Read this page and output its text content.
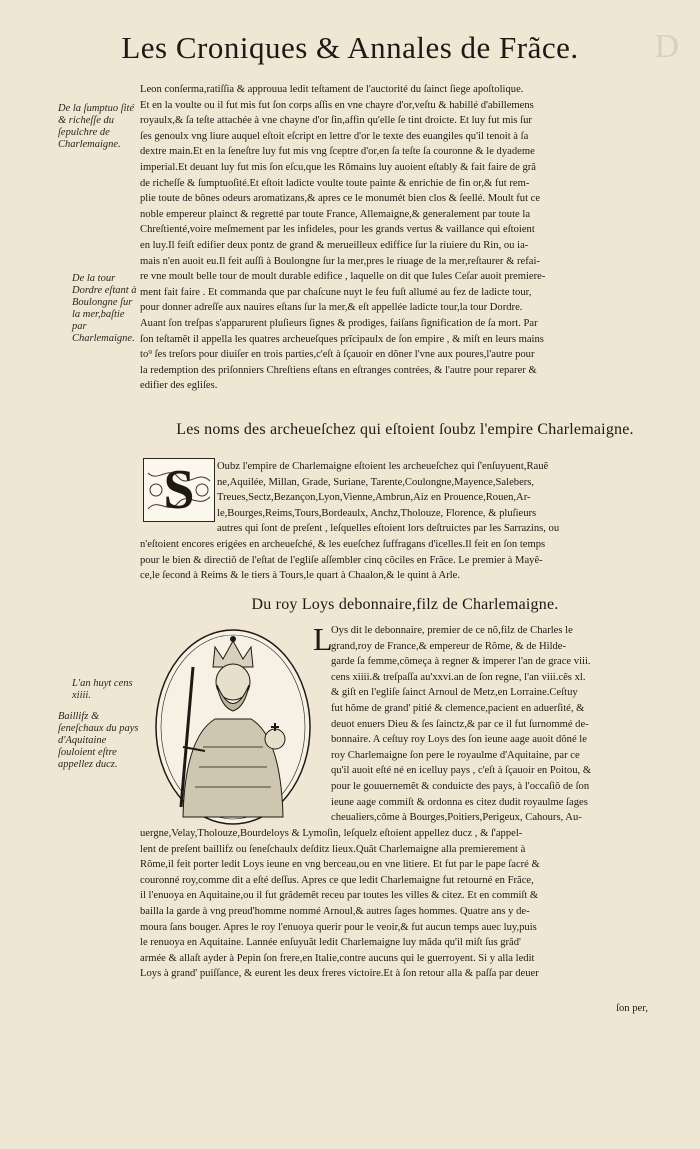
D
Les Croniques & Annales de Frãce.
De la ſumptuo ſité & richeſſe du ſepulchre de Charlemaigne.
De la tour Dordre eſtant à Boulongne ſur la mer,baſtie par Charlemaigne.
L'an huyt cens xiiii.
Baillifz & ſeneſchaux du pays d'Aquitaine ſouloient eſtre appellez ducz.

Leon conſerma,ratiſſia & approuua ledit teſtament de l'auctorité du ſainct ſiege apoſtolique.

Et en la voulte ou il fut mis fut ſon corps aſſis en vne chayre d'or,veſtu & habillé d'abillemens

royaulx,& ſa teſte attachée à vne chayne d'or ſin,affin qu'elle ſe tint droicte. Et luy fut mis ſur

ſes genoulx vng liure auquel eſtoit eſcript en lettre d'or le texte des euangiles qu'il tenoit à ſa

dextre main.Et en la ſeneſtre luy fut mis vng ſceptre d'or,en ſa teſte ſa couronne & le dyademe

imperial.Et deuant luy fut mis ſon eſcu,que les Rõmains luy auoient eſtably & fait faire de grã

de richeſſe & ſumptuoſité.Et eſtoit ladicte voulte toute painte & enrichie de fin or,& fut rem-

plie toute de bõnes odeurs aromatizans,& apres ce le monumét bien clos & ſeellé. Moult fut ce

noble empereur plainct & regretté par toute France, Allemaigne,& generalement par toute la

Chreſtienté,voire meſmement par les infideles, pour les grands vertus & vaillance qui eſtoient

en luy.Il feiſt edifier deux pontz de grand & merueilleux ediffice ſur la riuiere du Rin, ou ia-

mais n'en auoit eu.Il feit auſſi à Boulongne ſur la mer,pres le riuage de la mer,reſtaurer & refai-

re vne moult belle tour de moult durable edifice , laquelle on dit que Iules Ceſar auoit premiere-

ment fait faire . Et commanda que par chaſcune nuyt le feu fuſt allumé au fez de ladicte tour,

pour donner adreſſe aux nauires eſtans ſur la mer,& eſt appellée ladicte tour,la tour Dordre.

Auant ſon treſpas s'apparurent pluſieurs ſignes & prodiges, faiſans ſignification de ſa mort. Par

ſon teſtamẽt il appella les quatres archeueſques prĩcipaulx de ſon empire , & miſt en leurs mains

to⁹ ſes treſors pour diuiſer en trois parties,c'eſt à ſçauoir en dõner l'vne aux poures,l'autre pour

la redemption des priſonniers Chreſtiens eſtans en eſtranges contrées, & l'autre pour reparer &

edifier des egliſes.

Les noms des archeueſchez qui eſtoient ſoubz l'empire Charlemaigne.
S Oubz l'empire de Charlemaigne eſtoient les archeueſchez qui ſ'enſuyuent,Rauẽ

ne,Aquilée, Millan, Grade, Suriane, Tarente,Coulongne,Mayence,Salebers,

Treues,Sectz,Bezançon,Lyon,Vienne,Ambrun,Aiz en Prouence,Rouen,Ar-

le,Bourges,Reims,Tours,Bordeaulx, Anchz,Tholouze, Florence, & pluſieurs

autres qui ſont de preſent , leſquelles eſtoient lors deſtruictes par les Sarrazins, ou

n'eſtoient encores erigées en archeueſché, & les eueſchez ſuffragans d'icelles.Il feit en ſon temps

pour le bien & directiõ de l'eſtat de l'egliſe aſſembler cinq cõciles en Frãce. Le premier à Mayẽ-

ce,le ſecond à Reims & le tiers à Tours,le quart à Chaalon,& le quint à Arle.

Du roy Loys debonnaire,filz de Charlemaigne.
L

Oys dit le debonnaire, premier de ce nõ,filz de Charles le

grand,roy de France,& empereur de Rõme, & de Hilde-

garde ſa femme,cõmeça à regner & imperer l'an de grace viii.

cens xiiii.& treſpaſſa au'xxvi.an de ſon regne, l'an viii.cẽs xl.

& giſt en l'egliſe ſainct Arnoul de Metz,en Lorraine.Ceſtuy

fut hõme de grand' pitié & clemence,pacient en aduerſité, &

deuot enuers Dieu & ſes ſainctz,& par ce il fut ſurnommé de-

bonnaire. A ceſtuy roy Loys des ſon ieune aage auoit dõné le

roy Charlemaigne ſon pere le royaulme d'Aquitaine, par ce

qu'il auoit eſté né en icelluy pays , c'eſt à ſçauoir en Poitou, &

pour le gouuernemẽt & conduicte des pays, à l'occaſiõ de ſon

ieune aage commiſt & ordonna es citez dudit royaulme ſages

cheualiers,cõme à Bourges,Poitiers,Perigeux, Cahours, Au-

uergne,Velay,Tholouze,Bourdeloys & Lymoſin, leſquelz eſtoient appellez ducz , & ſ'appel-

lent de preſent baillifz ou ſeneſchaulx deſditz lieux.Quãt Charlemaigne alla premierement à

Rõme,il feit porter ledit Loys ieune en vng berceau,ou en vne litiere. Et fut par le pape ſacré &

couronné roy,comme dit a eſté deſſus. Apres ce que ledit Charlemaigne fut retourné en Frãce,

il l'enuoya en Aquitaine,ou il fut grãdemẽt receu par toutes les villes & citez. Et en commiſt &

bailla la garde à vng preud'homme nommé Arnoul,& autres ſages hommes. Quatre ans y de-

moura ſans bouger. Apres le roy l'enuoya querir pour le veoir,& fut aucun temps auec luy,puis

le renuoya en Aquitaine. Lannée enſuyuãt ledit Charlemaigne luy mãda qu'il miſt ſus grãd'

armée & allaſt ayder à Pepin ſon frere,en Italie,contre aucuns qui le guerroyent. Si y alla ledit

Loys à grand' puiſſance, & eurent les deux freres victoire.Et à ſon retour alla & paſſa par deuer

ſon per,
